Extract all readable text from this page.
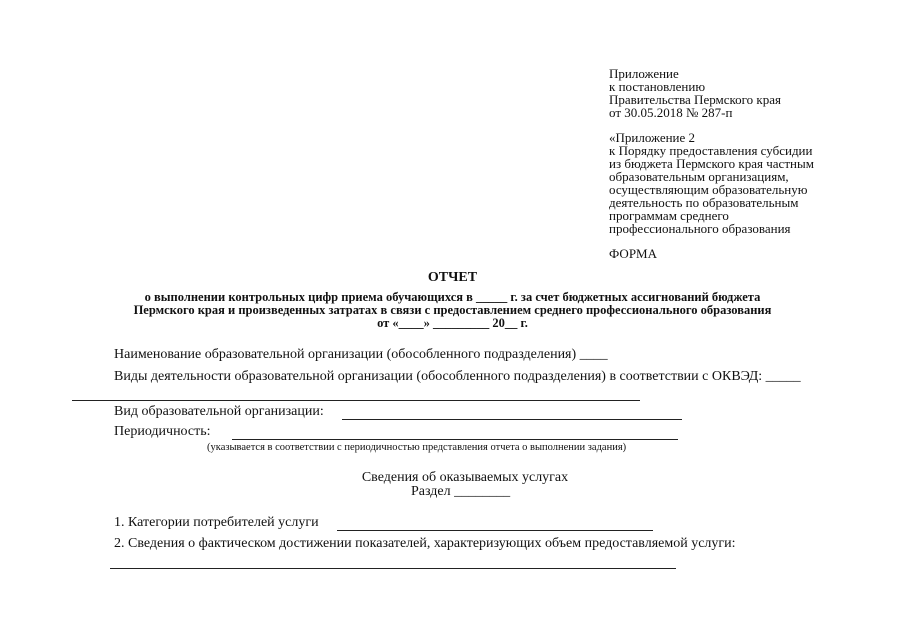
Приложение
к постановлению
Правительства Пермского края
от 30.05.2018 № 287-п
«Приложение 2
к Порядку предоставления субсидии
из бюджета Пермского края частным
образовательным организациям,
осуществляющим образовательную
деятельность по образовательным
программам среднего
профессионального образования
ФОРМА
ОТЧЕТ
о выполнении контрольных цифр приема обучающихся в _____ г. за счет бюджетных ассигнований бюджета
Пермского края и произведенных затратах в связи с предоставлением среднего профессионального образования
от «____» _________ 20__ г.
Наименование образовательной организации (обособленного подразделения) ____
Виды деятельности образовательной организации (обособленного подразделения) в соответствии с ОКВЭД: _____
Вид образовательной организации:
Периодичность:
(указывается в соответствии с периодичностью представления отчета о выполнении задания)
Сведения об оказываемых услугах
Раздел ________
1. Категории потребителей услуги
2. Сведения о фактическом достижении показателей, характеризующих объем предоставляемой услуги:
